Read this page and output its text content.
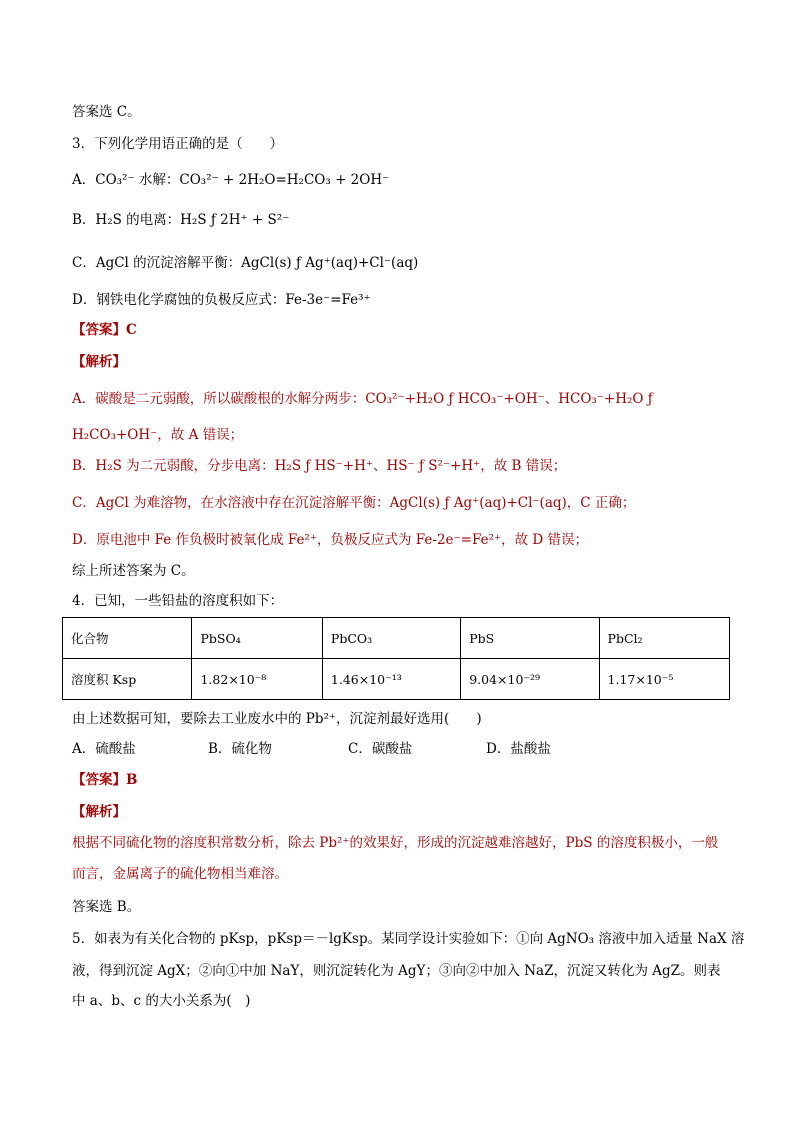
答案选 C。
3．下列化学用语正确的是（　　）
A．CO₃²⁻ 水解：CO₃²⁻ + 2H₂O=H₂CO₃ + 2OH⁻
B．H₂S 的电离：H₂S ƒ 2H⁺ + S²⁻
C．AgCl 的沉淀溶解平衡：AgCl(s) ƒ Ag⁺(aq)+Cl⁻(aq)
D．钢铁电化学腐蚀的负极反应式：Fe-3e⁻=Fe³⁺
【答案】C
【解析】
A．碳酸是二元弱酸，所以碳酸根的水解分两步：CO₃²⁻+H₂O ƒ HCO₃⁻+OH⁻、HCO₃⁻+H₂O ƒ
H₂CO₃+OH⁻，故 A 错误；
B．H₂S 为二元弱酸，分步电离：H₂S ƒ HS⁻+H⁺、HS⁻ ƒ S²⁻+H⁺，故 B 错误；
C．AgCl 为难溶物，在水溶液中存在沉淀溶解平衡：AgCl(s) ƒ Ag⁺(aq)+Cl⁻(aq)，C 正确；
D．原电池中 Fe 作负极时被氧化成 Fe²⁺，负极反应式为 Fe-2e⁻=Fe²⁺，故 D 错误；
综上所述答案为 C。
4．已知，一些铅盐的溶度积如下：
化合物	PbSO₄	PbCO₃	PbS	PbCl₂
溶度积 Ksp	1.82×10⁻⁸	1.46×10⁻¹³	9.04×10⁻²⁹	1.17×10⁻⁵
由上述数据可知，要除去工业废水中的 Pb²⁺，沉淀剂最好选用(　　)
A．硫酸盐	B．硫化物	C．碳酸盐	D．盐酸盐
【答案】B
【解析】
根据不同硫化物的溶度积常数分析，除去 Pb²⁺的效果好，形成的沉淀越难溶越好，PbS 的溶度积极小，一般
而言，金属离子的硫化物相当难溶。
答案选 B。
5．如表为有关化合物的 pKsp，pKsp＝－lgKsp。某同学设计实验如下：①向 AgNO₃ 溶液中加入适量 NaX 溶
液，得到沉淀 AgX；②向①中加 NaY，则沉淀转化为 AgY；③向②中加入 NaZ，沉淀又转化为 AgZ。则表
中 a、b、c 的大小关系为(　)
